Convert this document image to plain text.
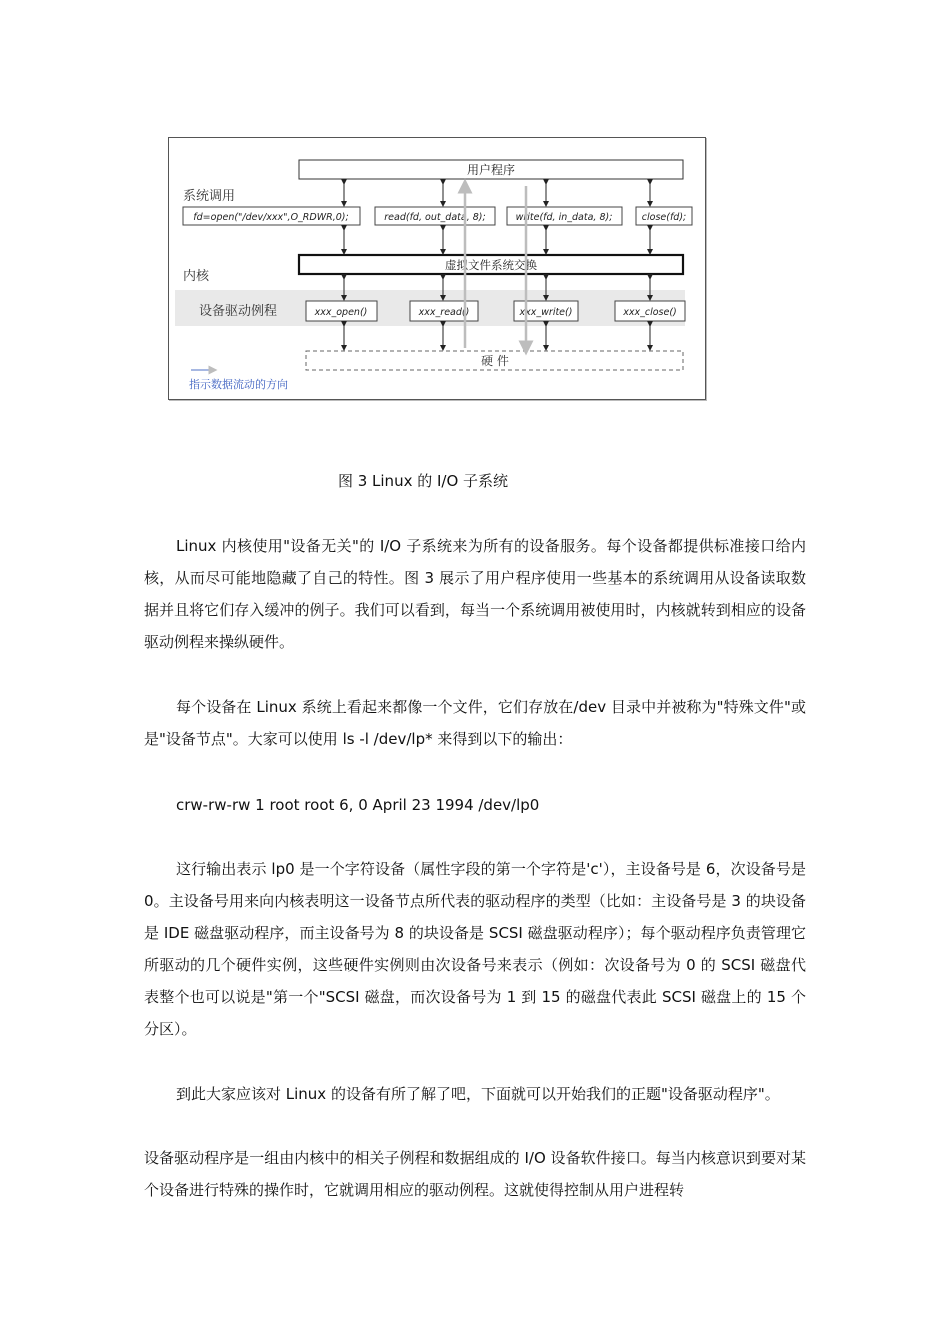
用户程序
系统调用
内核
设备驱动例程
fd=open("/dev/xxx",O_RDWR,0);	read(fd, out_data, 8);	write(fd, in_data, 8);	close(fd);
虚拟文件系统交换
xxx_open()	xxx_read()	xxx_write()	xxx_close()
硬 件
指示数据流动的方向
图 3 Linux 的 I/O 子系统

Linux 内核使用"设备无关"的 I/O 子系统来为所有的设备服务。每个设备都提供标准接口给内核，从而尽可能地隐藏了自己的特性。图 3 展示了用户程序使用一些基本的系统调用从设备读取数据并且将它们存入缓冲的例子。我们可以看到，每当一个系统调用被使用时，内核就转到相应的设备驱动例程来操纵硬件。

每个设备在 Linux 系统上看起来都像一个文件，它们存放在/dev 目录中并被称为"特殊文件"或是"设备节点"。大家可以使用 ls -l /dev/lp* 来得到以下的输出：

crw-rw-rw 1 root root 6, 0 April 23 1994 /dev/lp0

这行输出表示 lp0 是一个字符设备（属性字段的第一个字符是'c'），主设备号是 6，次设备号是 0。主设备号用来向内核表明这一设备节点所代表的驱动程序的类型（比如：主设备号是 3 的块设备是 IDE 磁盘驱动程序，而主设备号为 8 的块设备是 SCSI 磁盘驱动程序）；每个驱动程序负责管理它所驱动的几个硬件实例，这些硬件实例则由次设备号来表示（例如：次设备号为 0 的 SCSI 磁盘代表整个也可以说是"第一个"SCSI 磁盘，而次设备号为 1 到 15 的磁盘代表此 SCSI 磁盘上的 15 个分区）。

到此大家应该对 Linux 的设备有所了解了吧，下面就可以开始我们的正题"设备驱动程序"。

设备驱动程序是一组由内核中的相关子例程和数据组成的 I/O 设备软件接口。每当内核意识到要对某个设备进行特殊的操作时，它就调用相应的驱动例程。这就使得控制从用户进程转
